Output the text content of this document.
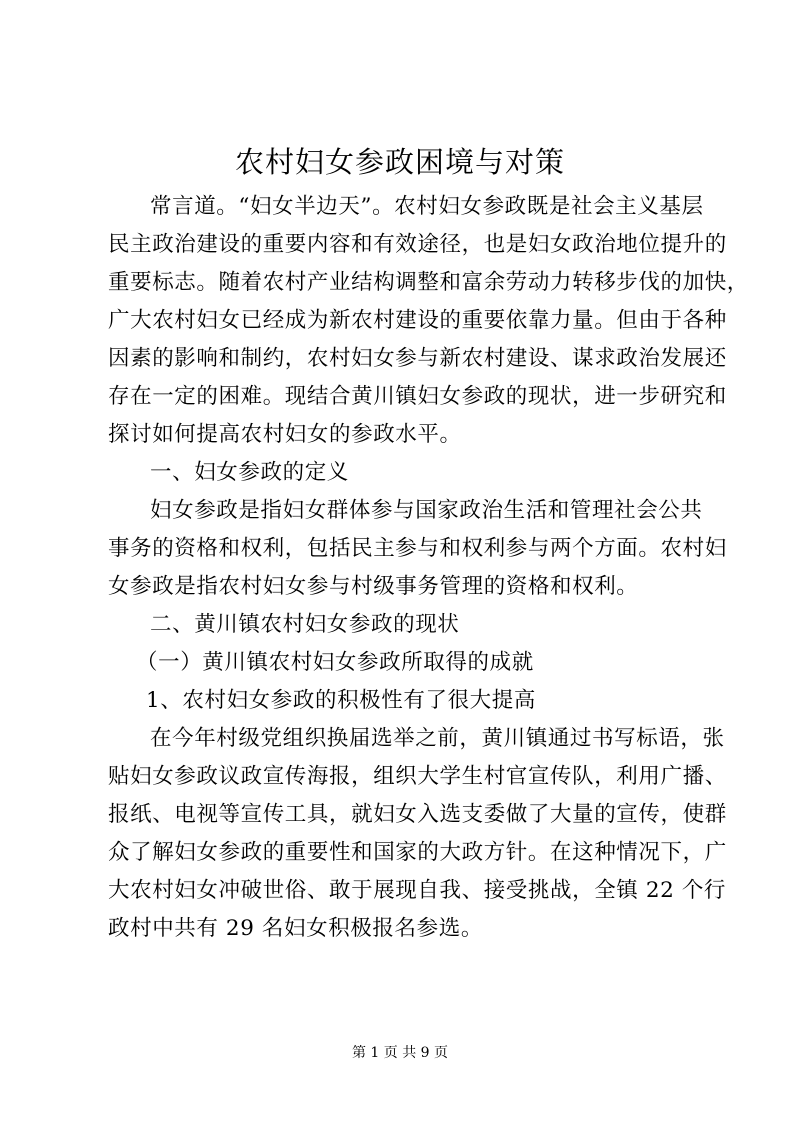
农村妇女参政困境与对策
常言道。“妇女半边天”。农村妇女参政既是社会主义基层
民主政治建设的重要内容和有效途径，也是妇女政治地位提升的
重要标志。随着农村产业结构调整和富余劳动力转移步伐的加快，
广大农村妇女已经成为新农村建设的重要依靠力量。但由于各种
因素的影响和制约，农村妇女参与新农村建设、谋求政治发展还
存在一定的困难。现结合黄川镇妇女参政的现状，进一步研究和
探讨如何提高农村妇女的参政水平。
一、妇女参政的定义
妇女参政是指妇女群体参与国家政治生活和管理社会公共
事务的资格和权利，包括民主参与和权利参与两个方面。农村妇
女参政是指农村妇女参与村级事务管理的资格和权利。
二、黄川镇农村妇女参政的现状
（一）黄川镇农村妇女参政所取得的成就
1、农村妇女参政的积极性有了很大提高
在今年村级党组织换届选举之前，黄川镇通过书写标语，张
贴妇女参政议政宣传海报，组织大学生村官宣传队，利用广播、
报纸、电视等宣传工具，就妇女入选支委做了大量的宣传，使群
众了解妇女参政的重要性和国家的大政方针。在这种情况下，广
大农村妇女冲破世俗、敢于展现自我、接受挑战，全镇 22 个行
政村中共有 29 名妇女积极报名参选。
第 1 页 共 9 页
